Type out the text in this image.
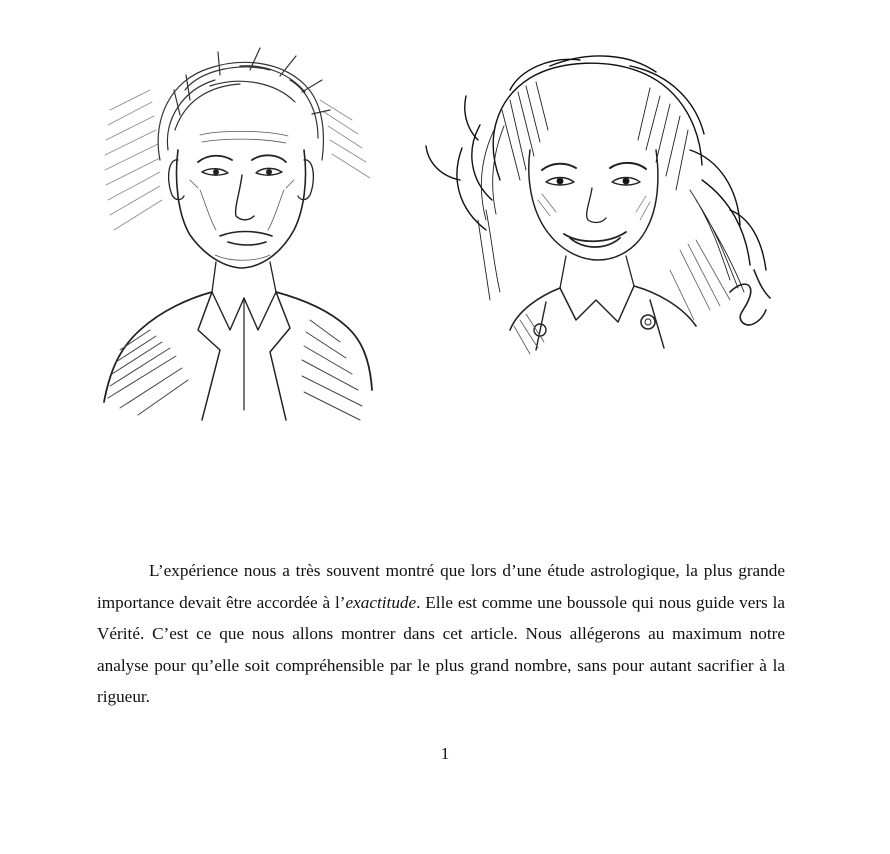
L’expérience nous a très souvent montré que lors d’une étude astrologique, la plus grande importance devait être accordée à l’exactitude. Elle est comme une boussole qui nous guide vers la Vérité. C’est ce que nous allons montrer dans cet article. Nous allégerons au maximum notre analyse pour qu’elle soit compréhensible par le plus grand nombre, sans pour autant sacrifier à la rigueur.

1
